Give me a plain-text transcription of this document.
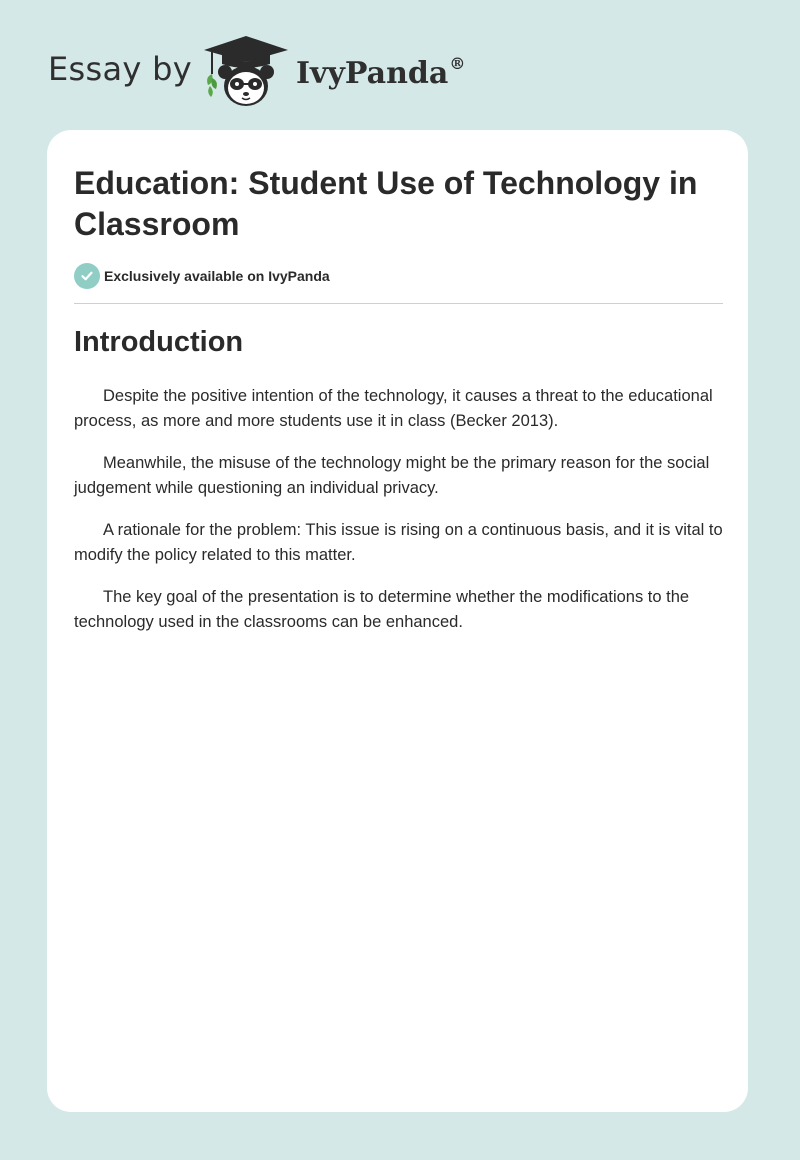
Essay by	IvyPanda®
Education: Student Use of Technology in Classroom
Exclusively available on IvyPanda
Introduction

Despite the positive intention of the technology, it causes a threat to the educational process, as more and more students use it in class (Becker 2013).

Meanwhile, the misuse of the technology might be the primary reason for the social judgement while questioning an individual privacy.

A rationale for the problem: This issue is rising on a continuous basis, and it is vital to modify the policy related to this matter.

The key goal of the presentation is to determine whether the modifications to the technology used in the classrooms can be enhanced.
